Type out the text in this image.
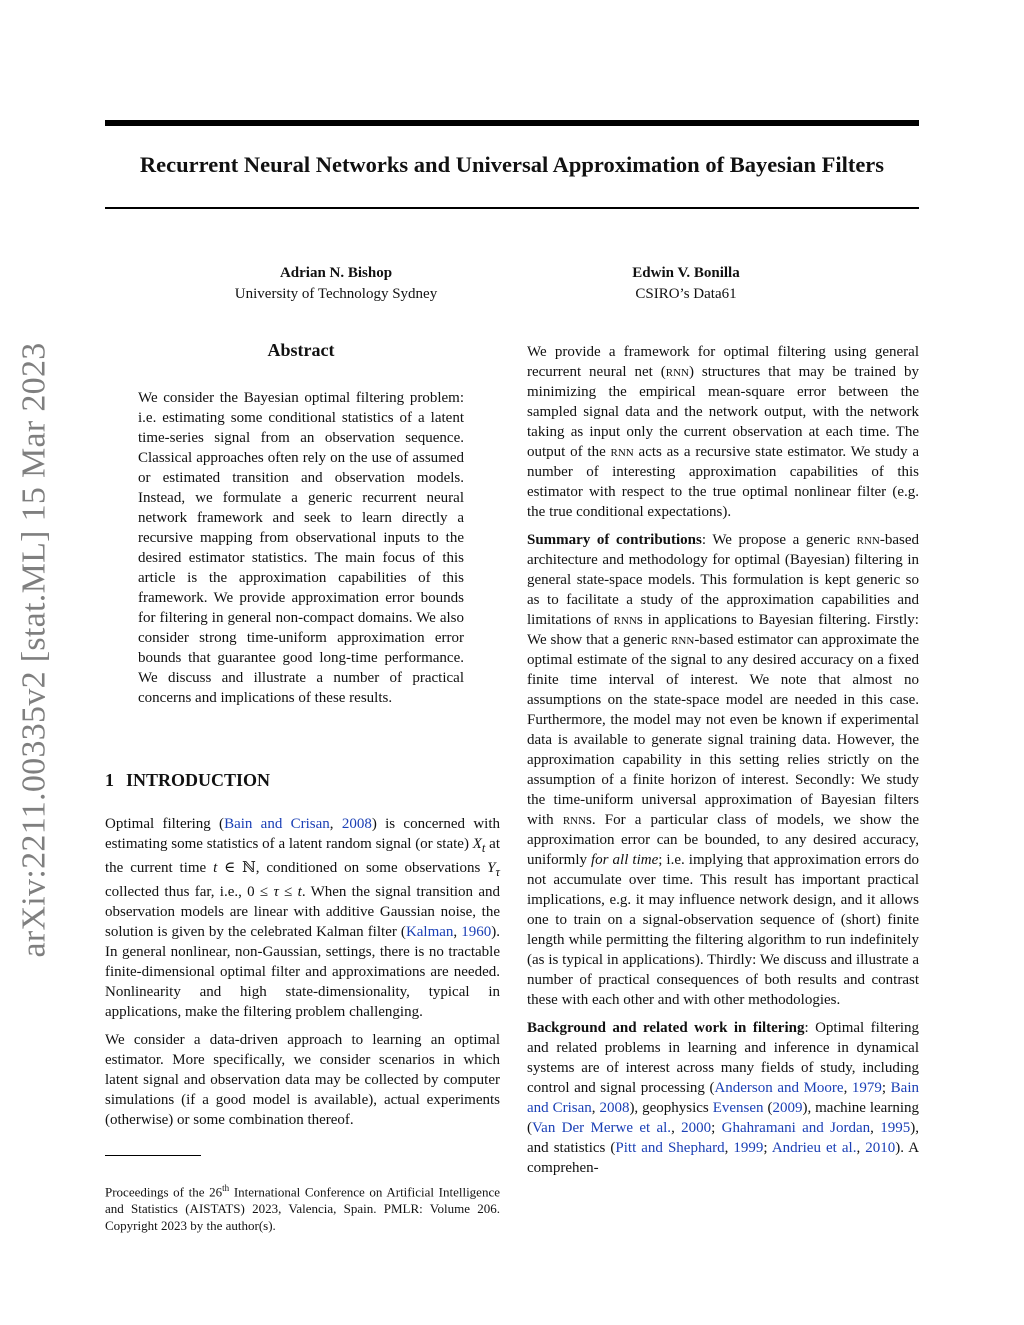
arXiv:2211.00335v2 [stat.ML] 15 Mar 2023
Recurrent Neural Networks and Universal Approximation of Bayesian Filters
Adrian N. Bishop
University of Technology Sydney
Edwin V. Bonilla
CSIRO’s Data61
Abstract

We consider the Bayesian optimal filtering problem: i.e. estimating some conditional statistics of a latent time-series signal from an observation sequence. Classical approaches often rely on the use of assumed or estimated transition and observation models. Instead, we formulate a generic recurrent neural network framework and seek to learn directly a recursive mapping from observational inputs to the desired estimator statistics. The main focus of this article is the approximation capabilities of this framework. We provide approximation error bounds for filtering in general non-compact domains. We also consider strong time-uniform approximation error bounds that guarantee good long-time performance. We discuss and illustrate a number of practical concerns and implications of these results.

1 INTRODUCTION

Optimal filtering (Bain and Crisan, 2008) is concerned with estimating some statistics of a latent random signal (or state) $X_t$ at the current time t ∈ ℕ, conditioned on some observations $Y_\tau$ collected thus far, i.e., 0 ≤ τ ≤ t. When the signal transition and observation models are linear with additive Gaussian noise, the solution is given by the celebrated Kalman filter (Kalman, 1960). In general nonlinear, non-Gaussian, settings, there is no tractable finite-dimensional optimal filter and approximations are needed. Nonlinearity and high state-dimensionality, typical in applications, make the filtering problem challenging.

We consider a data-driven approach to learning an optimal estimator. More specifically, we consider scenarios in which latent signal and observation data may be collected by computer simulations (if a good model is available), actual experiments (otherwise) or some combination thereof.

Proceedings of the 26th International Conference on Artificial Intelligence and Statistics (AISTATS) 2023, Valencia, Spain. PMLR: Volume 206. Copyright 2023 by the author(s).

We provide a framework for optimal filtering using general recurrent neural net (rnn) structures that may be trained by minimizing the empirical mean-square error between the sampled signal data and the network output, with the network taking as input only the current observation at each time. The output of the rnn acts as a recursive state estimator. We study a number of interesting approximation capabilities of this estimator with respect to the true optimal nonlinear filter (e.g. the true conditional expectations).

Summary of contributions: We propose a generic rnn-based architecture and methodology for optimal (Bayesian) filtering in general state-space models. This formulation is kept generic so as to facilitate a study of the approximation capabilities and limitations of rnns in applications to Bayesian filtering. Firstly: We show that a generic rnn-based estimator can approximate the optimal estimate of the signal to any desired accuracy on a fixed finite time interval of interest. We note that almost no assumptions on the state-space model are needed in this case. Furthermore, the model may not even be known if experimental data is available to generate signal training data. However, the approximation capability in this setting relies strictly on the assumption of a finite horizon of interest. Secondly: We study the time-uniform universal approximation of Bayesian filters with rnns. For a particular class of models, we show the approximation error can be bounded, to any desired accuracy, uniformly for all time; i.e. implying that approximation errors do not accumulate over time. This result has important practical implications, e.g. it may influence network design, and it allows one to train on a signal-observation sequence of (short) finite length while permitting the filtering algorithm to run indefinitely (as is typical in applications). Thirdly: We discuss and illustrate a number of practical consequences of both results and contrast these with each other and with other methodologies.

Background and related work in filtering: Optimal filtering and related problems in learning and inference in dynamical systems are of interest across many fields of study, including control and signal processing (Anderson and Moore, 1979; Bain and Crisan, 2008), geophysics Evensen (2009), machine learning (Van Der Merwe et al., 2000; Ghahramani and Jordan, 1995), and statistics (Pitt and Shephard, 1999; Andrieu et al., 2010). A comprehen-
